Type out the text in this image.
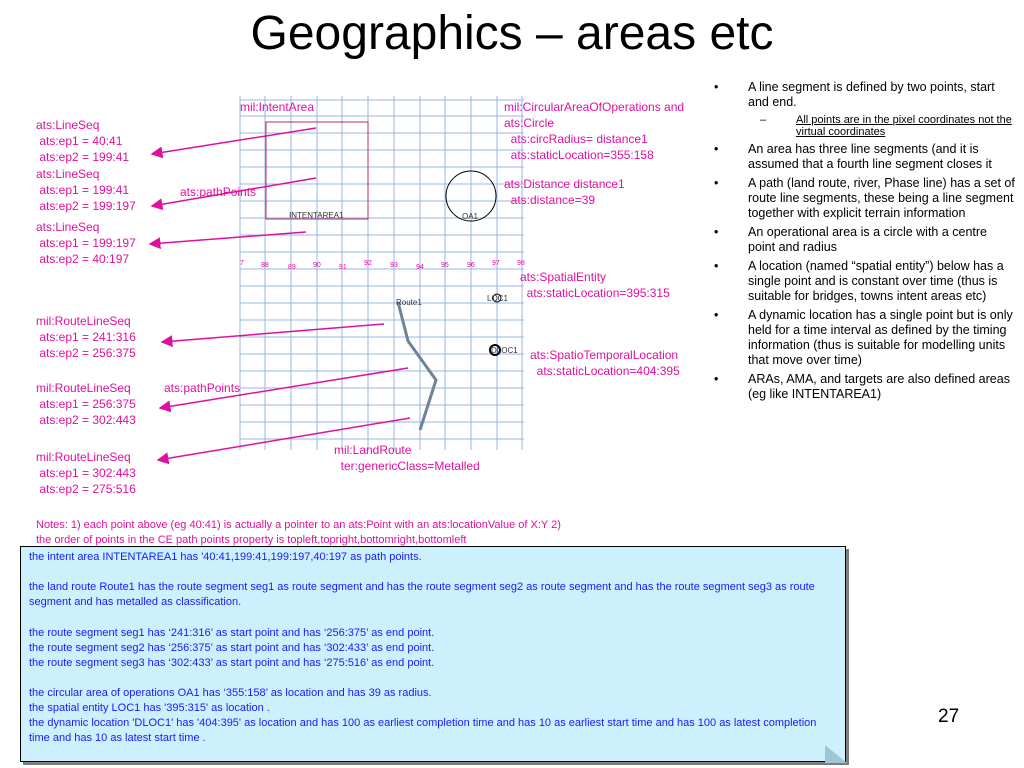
Geographics – areas etc
INTENTAREA1	OA1
Route1	LOC1
DLOC1
7 88	89 90	91
92	93	94 95	96 97 98
ats:LineSeq
ats:ep1 = 40:41
ats:ep2 = 199:41
ats:LineSeq
ats:ep1 = 199:41
ats:ep2 = 199:197
ats:LineSeq
ats:ep1 = 199:197
ats:ep2 = 40:197
mil:RouteLineSeq
ats:ep1 = 241:316
ats:ep2 = 256:375
mil:RouteLineSeq
ats:ep1 = 256:375
ats:ep2 = 302:443
mil:RouteLineSeq
ats:ep1 = 302:443
ats:ep2 = 275:516
ats:pathPoints
ats:pathPoints
mil:IntentArea	mil:CircularAreaOfOperations and
ats:Circle
ats:circRadius= distance1
ats:staticLocation=355:158
ats:Distance distance1
ats:distance=39
ats:SpatialEntity
ats:staticLocation=395:315
ats:SpatioTemporalLocation
ats:staticLocation=404:395
mil:LandRoute
ter:genericClass=Metalled
• A line segment is defined by two points, start and end.
– All points are in the pixel coordinates not the virtual coordinates
• An area has three line segments (and it is assumed that a fourth line segment closes it
• A path (land route, river, Phase line) has a set of route line segments, these being a line segment together with explicit terrain information
• An operational area is a circle with a centre point and radius
• A location (named “spatial entity”) below has a single point and is constant over time (thus is suitable for bridges, towns intent areas etc)
• A dynamic location has a single point but is only held for a time interval as defined by the timing information (thus is suitable for modelling units that move over time)
• ARAs, AMA, and targets are also defined areas (eg like INTENTAREA1)
Notes: 1) each point above (eg 40:41) is actually a pointer to an ats:Point with an ats:locationValue of X:Y 2)
the order of points in the CE path points property is topleft,topright,bottomright,bottomleft

the intent area INTENTAREA1 has '40:41,199:41,199:197,40:197 as path points.

the land route Route1 has the route segment seg1 as route segment and has the route segment seg2 as route segment and has the route segment seg3 as route segment and has metalled as classification.

the route segment seg1 has ‘241:316’ as start point and has ‘256:375’ as end point.

the route segment seg2 has ‘256:375’ as start point and has ‘302:433’ as end point.

the route segment seg3 has ‘302:433’ as start point and has ‘275:516’ as end point.

the circular area of operations OA1 has ‘355:158’ as location and has 39 as radius.

the spatial entity LOC1 has '395:315' as location .

the dynamic location 'DLOC1' has '404:395' as location and has 100 as earliest completion time and has 10 as earliest start time and has 100 as latest completion time and has 10 as latest start time .

27
